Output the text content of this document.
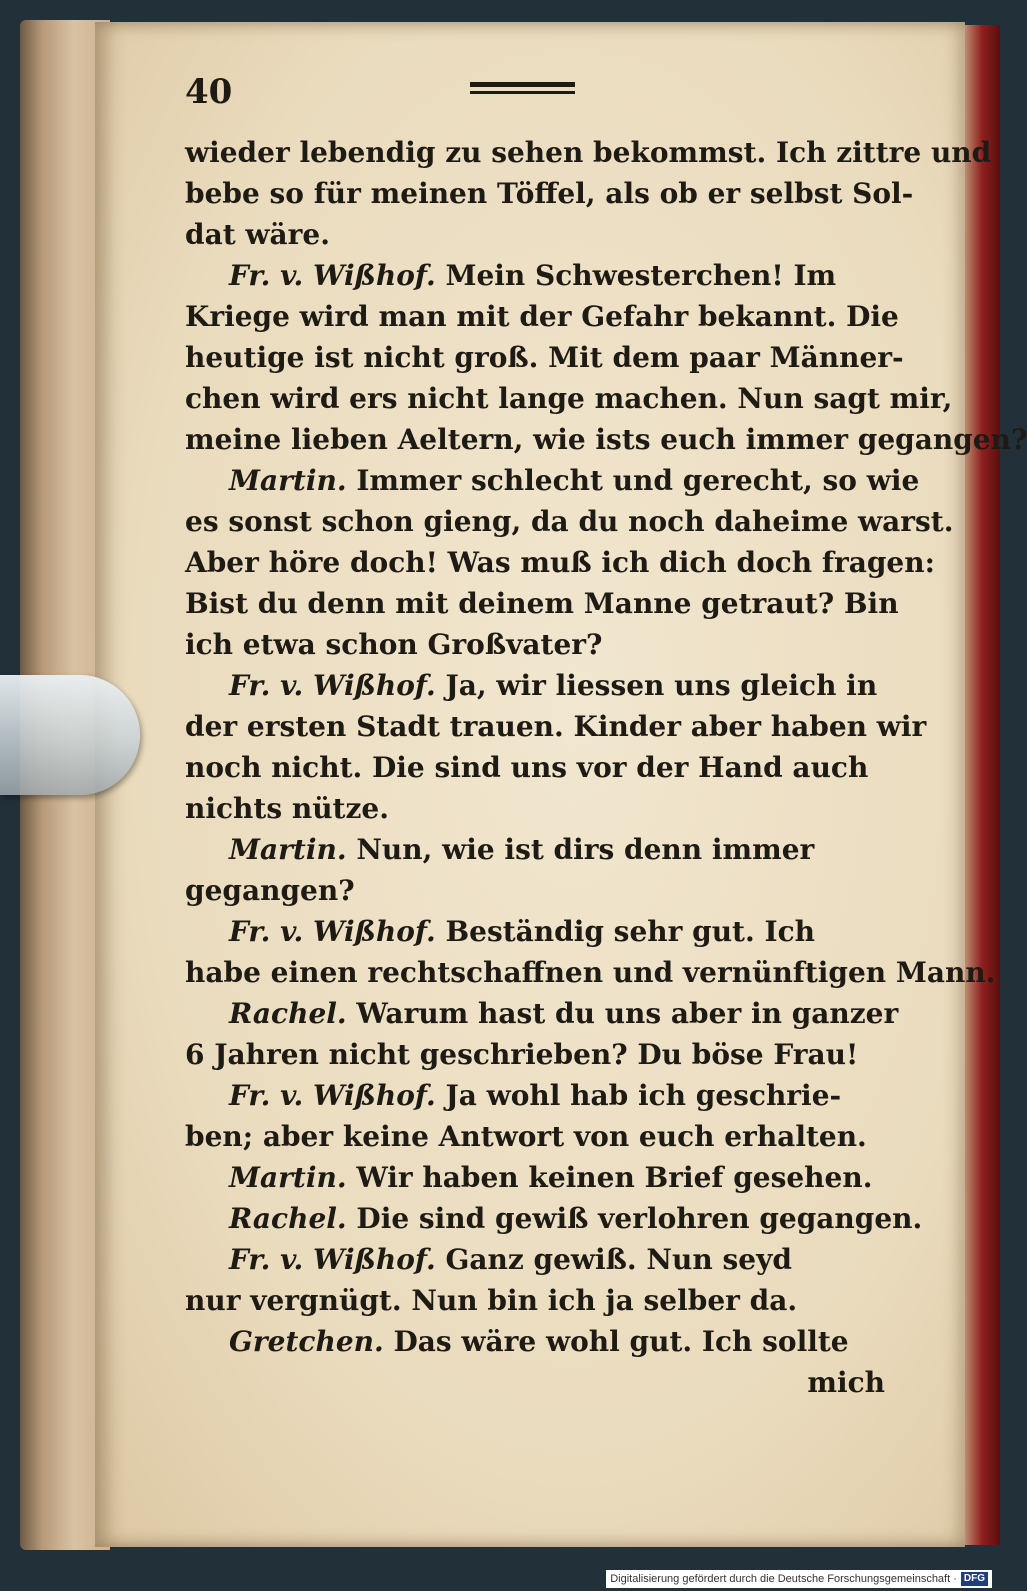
40
wieder lebendig zu sehen bekommst. Ich zittre und
bebe so für meinen Töffel, als ob er selbst Sol-
dat wäre.
Fr. v. Wißhof. Mein Schwesterchen! Im
Kriege wird man mit der Gefahr bekannt. Die
heutige ist nicht groß. Mit dem paar Männer-
chen wird ers nicht lange machen. Nun sagt mir,
meine lieben Aeltern, wie ists euch immer gegangen?
Martin. Immer schlecht und gerecht, so wie
es sonst schon gieng, da du noch daheime warst.
Aber höre doch! Was muß ich dich doch fragen:
Bist du denn mit deinem Manne getraut? Bin
ich etwa schon Großvater?
Fr. v. Wißhof. Ja, wir liessen uns gleich in
der ersten Stadt trauen. Kinder aber haben wir
noch nicht. Die sind uns vor der Hand auch
nichts nütze.
Martin. Nun, wie ist dirs denn immer
gegangen?
Fr. v. Wißhof. Beständig sehr gut. Ich
habe einen rechtschaffnen und vernünftigen Mann.
Rachel. Warum hast du uns aber in ganzer
6 Jahren nicht geschrieben? Du böse Frau!
Fr. v. Wißhof. Ja wohl hab ich geschrie-
ben; aber keine Antwort von euch erhalten.
Martin. Wir haben keinen Brief gesehen.
Rachel. Die sind gewiß verlohren gegangen.
Fr. v. Wißhof. Ganz gewiß. Nun seyd
nur vergnügt. Nun bin ich ja selber da.
Gretchen. Das wäre wohl gut. Ich sollte
mich
Digitalisierung gefördert durch die Deutsche Forschungsgemeinschaft · DFG
